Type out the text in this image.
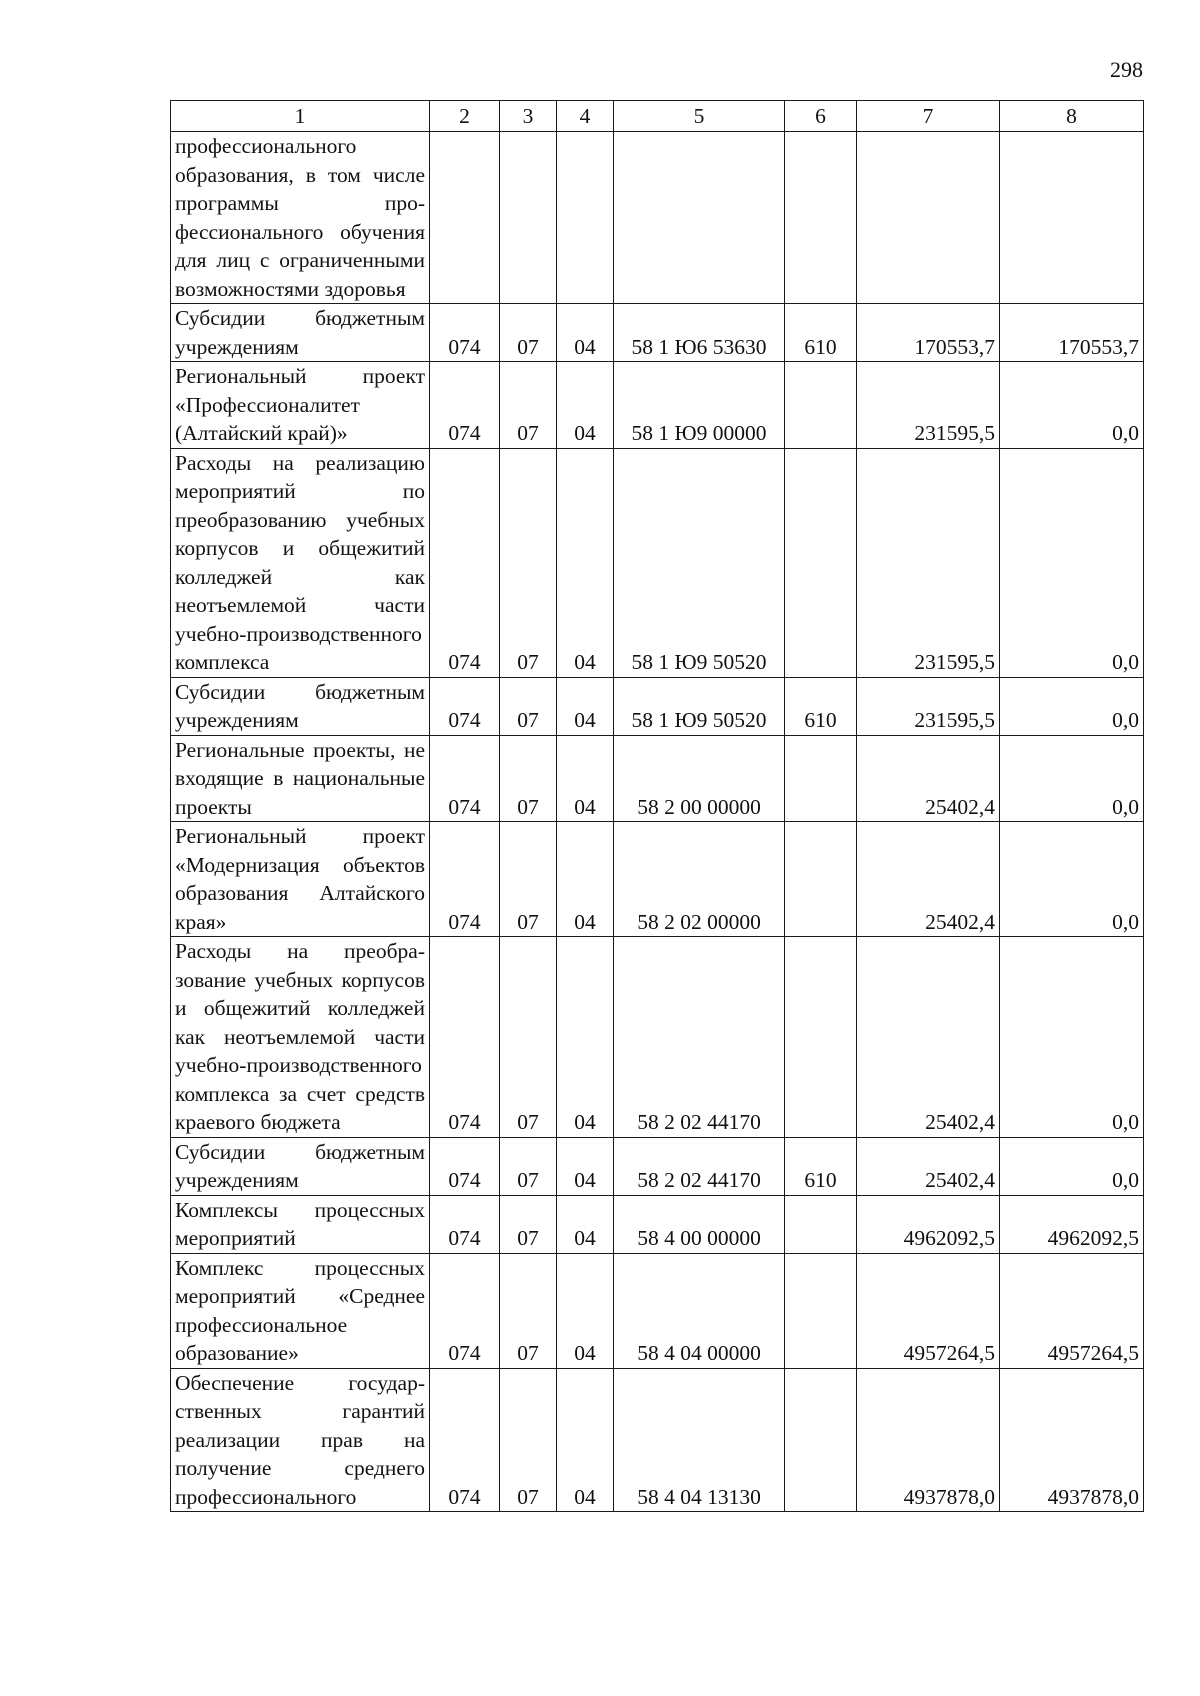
298
1	2	3	4	5	6	7	8
профессионального образования, в том числе программы профессионального обучения для лиц с ограниченными возможностями здоровья							
Субсидии бюджетным учреждениям	074	07	04	58 1 Ю6 53630	610	170553,7	170553,7
Региональный проект «Профессионалитет (Алтайский край)»	074	07	04	58 1 Ю9 00000		231595,5	0,0
Расходы на реализацию мероприятий по преобразованию учебных корпусов и общежитий колледжей как неотъемлемой части учебно-производственного комплекса	074	07	04	58 1 Ю9 50520		231595,5	0,0
Субсидии бюджетным учреждениям	074	07	04	58 1 Ю9 50520	610	231595,5	0,0
Региональные проекты, не входящие в национальные проекты	074	07	04	58 2 00 00000		25402,4	0,0
Региональный проект «Модернизация объектов образования Алтайского края»	074	07	04	58 2 02 00000		25402,4	0,0
Расходы на преобразование учебных корпусов и общежитий колледжей как неотъемлемой части учебно-производственного комплекса за счет средств краевого бюджета	074	07	04	58 2 02 44170		25402,4	0,0
Субсидии бюджетным учреждениям	074	07	04	58 2 02 44170	610	25402,4	0,0
Комплексы процессных мероприятий	074	07	04	58 4 00 00000		4962092,5	4962092,5
Комплекс процессных мероприятий «Среднее профессиональное образование»	074	07	04	58 4 04 00000		4957264,5	4957264,5
Обеспечение государственных гарантий реализации прав на получение среднего профессионального	074	07	04	58 4 04 13130		4937878,0	4937878,0
